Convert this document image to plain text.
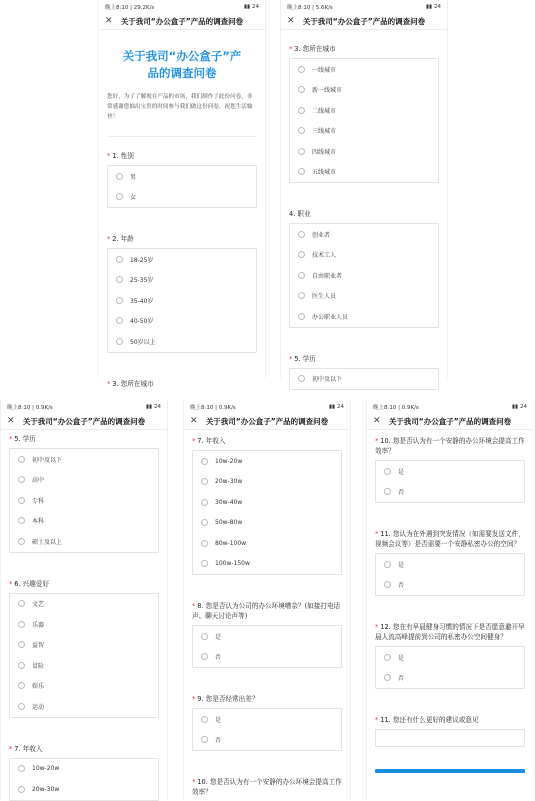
晚上8:10 | 29.2K/s	▮▮ 24
✕	关于我司“办公盒子”产品的调查问卷
关于我司“办公盒子”产品的调查问卷
您好，为了了解现在产品的市场，我们制作了此份问卷，非常感谢您抽出宝贵的时间参与我们做这份问卷，祝您生活愉快！
* 1. 性别
男
女
* 2. 年龄
18-25岁
25-35岁
35-40岁
40-50岁
50岁以上
* 3. 您所在城市
晚上8:10 | 5.6K/s	▮▮ 24
✕	关于我司“办公盒子”产品的调查问卷
* 3. 您所在城市
一线城市
新一线城市
二线城市
三线城市
四线城市
五线城市
4. 职业
创业者
技术工人
自由职业者
医生人员
办公职业人员
* 5. 学历
初中及以下
晚上8:10 | 0.9K/s	▮▮ 24
✕	关于我司“办公盒子”产品的调查问卷
* 5. 学历
初中及以下
高中
专科
本科
硕士及以上
* 6. 兴趣爱好
文艺
乐器
益智
冒险
娱乐
运动
* 7. 年收入
10w-20w
20w-30w
晚上8:10 | 0.9K/s	▮▮ 24
✕	关于我司“办公盒子”产品的调查问卷
* 7. 年收入
10w-20w
20w-30w
30w-40w
50w-80w
80w-100w
100w-150w
* 8. 您是否认为公司的办公环境嘈杂？(如接打电话声、聊天讨论声等)
是
否
* 9. 您是否经常出差？
是
否
* 10. 您是否认为有一个安静的办公环境会提高工作效率？
晚上8:10 | 0.9K/s	▮▮ 24
✕	关于我司“办公盒子”产品的调查问卷
* 10. 您是否认为有一个安静的办公环境会提高工作效率？
是
否
* 11. 您认为在外遇到突发情况（如需要发送文件，视频会议等）是否需要一个安静私密办公的空间？
是
否
* 12. 您在有早晨健身习惯的情况下是否愿意避开早晨人流高峰提前到公司的私密办公空间健身？
是
否
* 11. 您还有什么更好的建议或意见
